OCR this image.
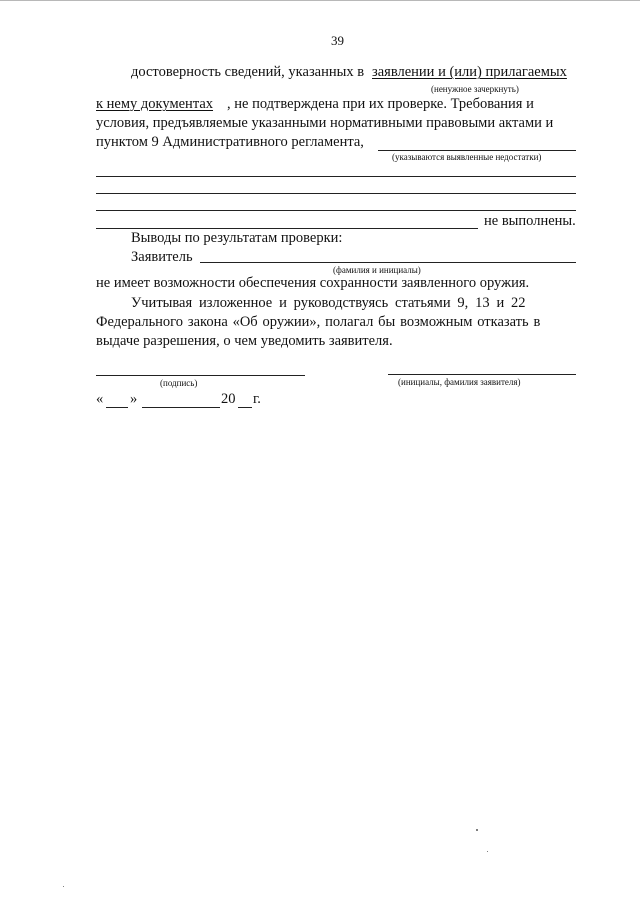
39
достоверность сведений, указанных в заявлении и (или) прилагаемых
(ненужное зачеркнуть)
к нему документах , не подтверждена при их проверке. Требования и
условия, предъявляемые указанными нормативными правовыми актами и
пунктом 9 Административного регламента,
(указываются выявленные недостатки)
не выполнены.
Выводы по результатам проверки:
Заявитель
(фамилия и инициалы)
не имеет возможности обеспечения сохранности заявленного оружия.
Учитывая изложенное и руководствуясь статьями 9, 13 и 22
Федерального закона «Об оружии», полагал бы возможным отказать в
выдаче разрешения, о чем уведомить заявителя.
(подпись)	(инициалы, фамилия заявителя)
« »	20 г.
